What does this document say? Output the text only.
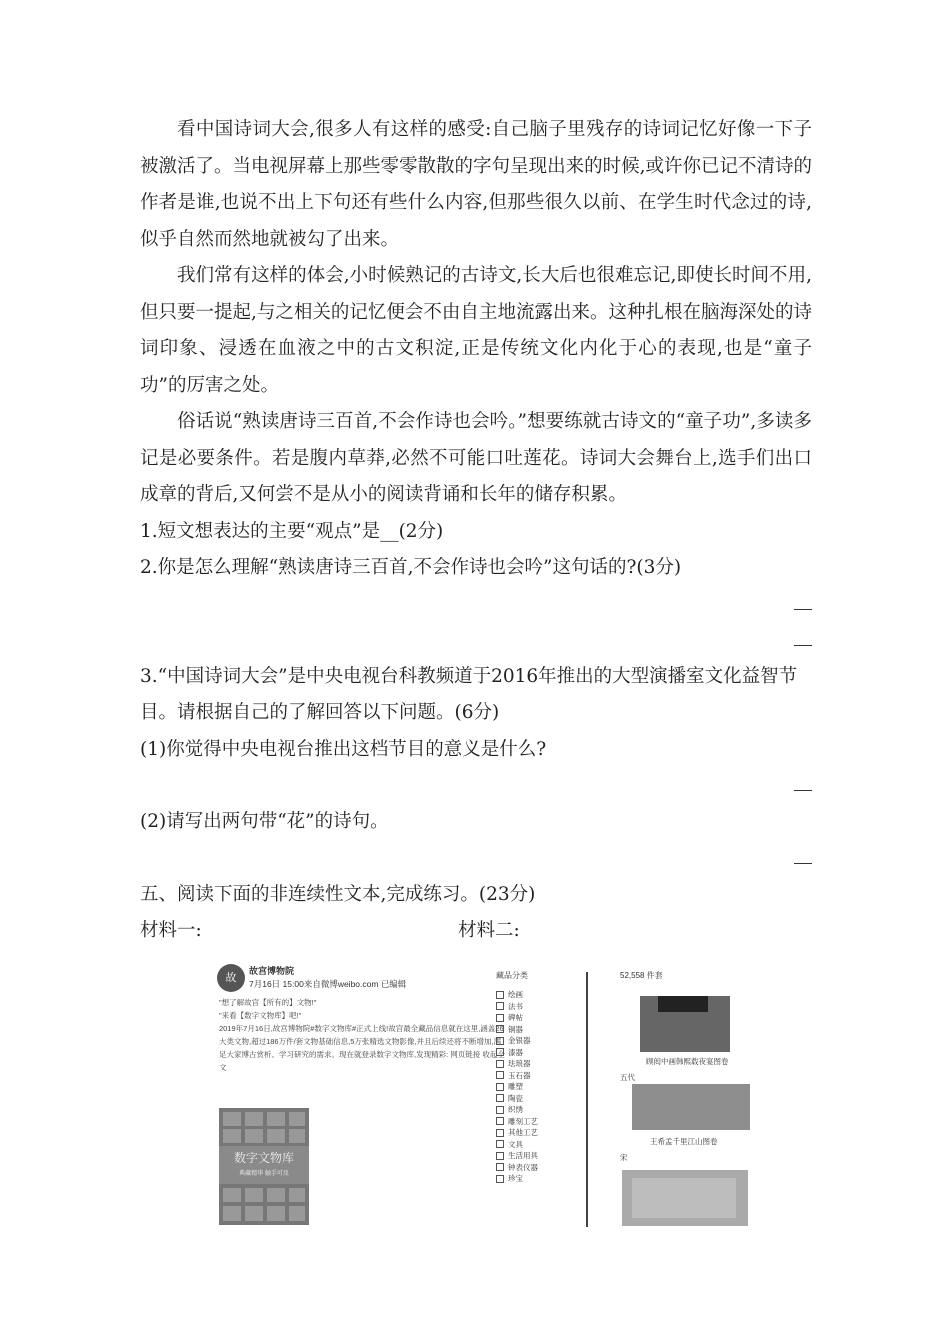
看中国诗词大会,很多人有这样的感受:自己脑子里残存的诗词记忆好像一下子被激活了。当电视屏幕上那些零零散散的字句呈现出来的时候,或许你已记不清诗的作者是谁,也说不出上下句还有些什么内容,但那些很久以前、在学生时代念过的诗,似乎自然而然地就被勾了出来。

我们常有这样的体会,小时候熟记的古诗文,长大后也很难忘记,即使长时间不用,但只要一提起,与之相关的记忆便会不由自主地流露出来。这种扎根在脑海深处的诗词印象、浸透在血液之中的古文积淀,正是传统文化内化于心的表现,也是“童子功”的厉害之处。

俗话说“熟读唐诗三百首,不会作诗也会吟。”想要练就古诗文的“童子功”,多读多记是必要条件。若是腹内草莽,必然不可能口吐莲花。诗词大会舞台上,选手们出口成章的背后,又何尝不是从小的阅读背诵和长年的储存积累。

1.短文想表达的主要“观点”是__(2分)

2.你是怎么理解“熟读唐诗三百首,不会作诗也会吟”这句话的?(3分)

3.“中国诗词大会”是中央电视台科教频道于2016年推出的大型演播室文化益智节目。请根据自己的了解回答以下问题。(6分)

(1)你觉得中央电视台推出这档节目的意义是什么?

(2)请写出两句带“花”的诗句。

五、阅读下面的非连续性文本,完成练习。(23分)

材料一:	材料二:
故
故宫博物院
7月16日 15:00来自微博weibo.com 已编辑
"想了解故宫【所有的】文物!"
"来看【数字文物库】吧!"
2019年7月16日,故宫博物院#数字文物库#正式上线!故宫最全藏品信息就在这里,涵盖26大类文物,超过186万件/套文物基础信息,5万张精选文物影像,并且后续还将不断增加,满足大家博古赏析、学习研究的需求。现在就登录数字文物库,发现精彩: 网页链接 收起全文
数字文物库
典藏精华 触手可及
藏品分类
绘画
法书
碑帖
铜器
金银器
漆器
珐琅器
玉石器
雕塑
陶瓷
织绣
雕刻工艺
其他工艺
文具
生活用具
钟表仪器
珍宝
52,558 件套
顾闳中画韩熙载夜宴图卷
五代
王希孟千里江山图卷
宋
